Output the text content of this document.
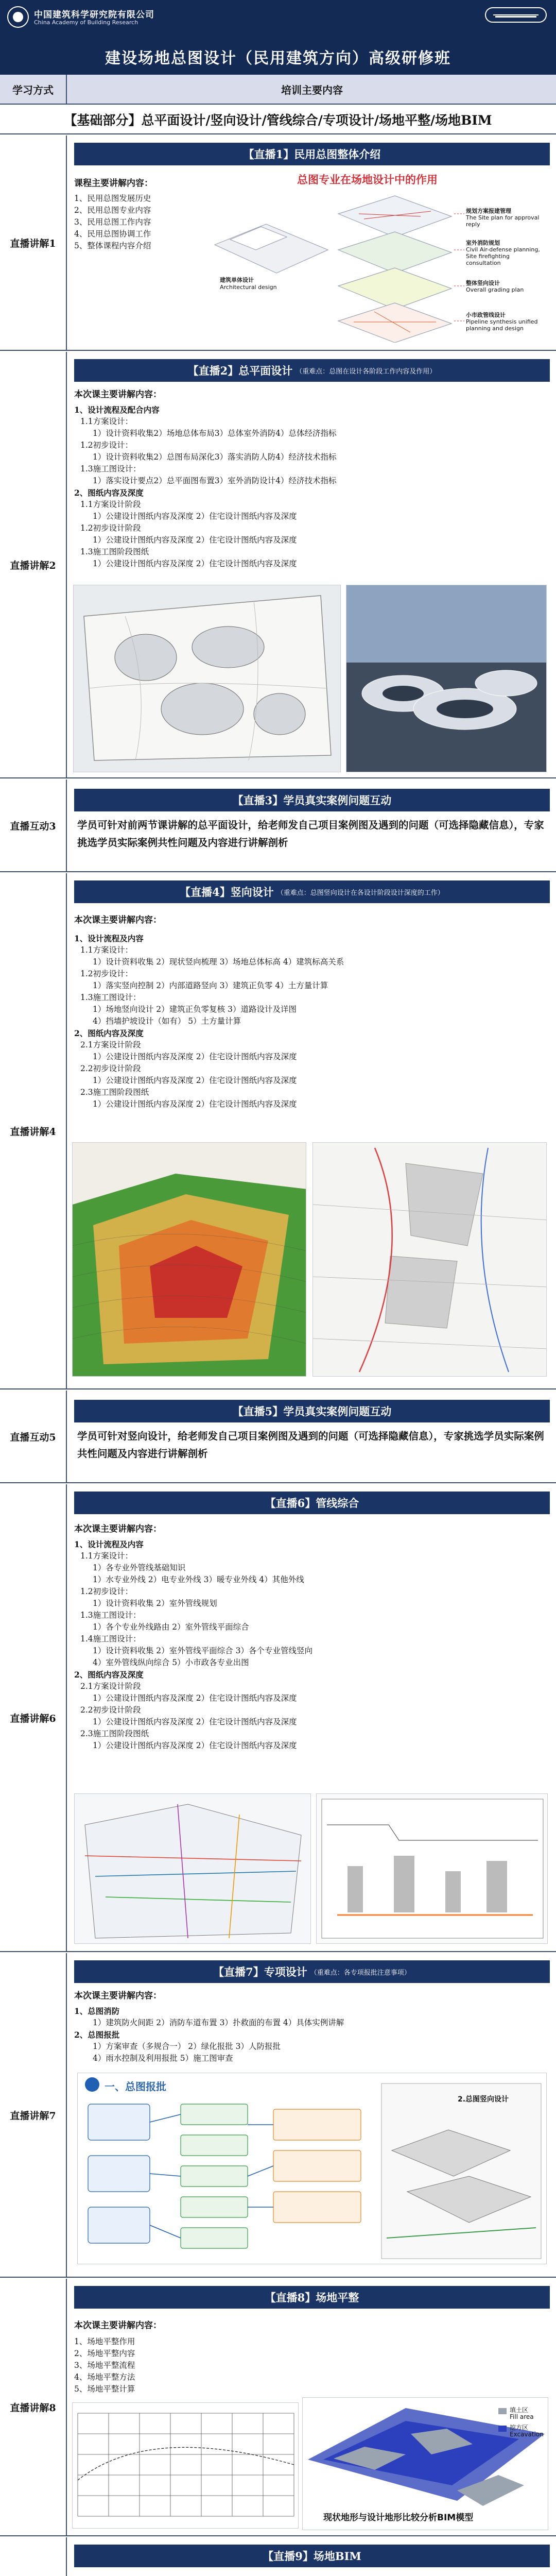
中国建筑科学研究院有限公司
China Academy of Building Research
建设场地总图设计（民用建筑方向）高级研修班
学习方式	培训主要内容
【基础部分】总平面设计/竖向设计/管线综合/专项设计/场地平整/场地BIM
直播讲解1
【直播1】民用总图整体介绍
课程主要讲解内容：
1、民用总图发展历史
2、民用总图专业内容
3、民用总图工作内容
4、民用总图协调工作
5、整体课程内容介绍
总图专业在场地设计中的作用
建筑单体设计
Architectural design
规划方案报建管理
The Site plan for approval reply
室外消防规划
Civil Air-defense planning, Site firefighting consultation
整体竖向设计
Overall grading plan
小市政管线设计
Pipeline synthesis unified planning and design
直播讲解2
【直播2】总平面设计 （重难点：总图在设计各阶段工作内容及作用）
本次课主要讲解内容：
1、设计流程及配合内容
1.1方案设计：
1）设计资料收集2）场地总体布局3）总体室外消防4）总体经济指标
1.2初步设计：
1）设计资料收集2）总图布局深化3）落实消防人防4）经济技术指标
1.3施工图设计：
1）落实设计要点2）总平面图布置3）室外消防设计4）经济技术指标
2、图纸内容及深度
1.1方案设计阶段
1）公建设计图纸内容及深度 2）住宅设计图纸内容及深度
1.2初步设计阶段
1）公建设计图纸内容及深度 2）住宅设计图纸内容及深度
1.3施工图阶段图纸
1）公建设计图纸内容及深度 2）住宅设计图纸内容及深度
直播互动3
【直播3】学员真实案例问题互动
学员可针对前两节课讲解的总平面设计，给老师发自己项目案例图及遇到的问题（可选择隐藏信息），专家挑选学员实际案例共性问题及内容进行讲解剖析
直播讲解4
【直播4】竖向设计 （重难点：总图竖向设计在各设计阶段设计深度的工作）
本次课主要讲解内容：
1、设计流程及内容
1.1方案设计：
1）设计资料收集 2）现状竖向梳理 3）场地总体标高 4）建筑标高关系
1.2初步设计：
1）落实竖向控制 2）内部道路竖向 3）建筑正负零 4）土方量计算
1.3施工图设计：
1）场地竖向设计 2）建筑正负零复核 3）道路设计及详图
4）挡墙护坡设计（如有） 5）土方量计算
2、图纸内容及深度
2.1方案设计阶段
1）公建设计图纸内容及深度 2）住宅设计图纸内容及深度
2.2初步设计阶段
1）公建设计图纸内容及深度 2）住宅设计图纸内容及深度
2.3施工图阶段图纸
1）公建设计图纸内容及深度 2）住宅设计图纸内容及深度
直播互动5
【直播5】学员真实案例问题互动
学员可针对竖向设计，给老师发自己项目案例图及遇到的问题（可选择隐藏信息），专家挑选学员实际案例共性问题及内容进行讲解剖析
直播讲解6
【直播6】管线综合
本次课主要讲解内容：
1、设计流程及内容
1.1方案设计：
1）各专业外管线基础知识
1）水专业外线 2）电专业外线 3）暖专业外线 4）其他外线
1.2初步设计：
1）设计资料收集 2）室外管线规划
1.3施工图设计：
1）各个专业外线路由 2）室外管线平面综合
1.4施工图设计：
1）设计资料收集 2）室外管线平面综合 3）各个专业管线竖向
4）室外管线纵向综合 5）小市政各专业出图
2、图纸内容及深度
2.1方案设计阶段
1）公建设计图纸内容及深度 2）住宅设计图纸内容及深度
2.2初步设计阶段
1）公建设计图纸内容及深度 2）住宅设计图纸内容及深度
2.3施工图阶段图纸
1）公建设计图纸内容及深度 2）住宅设计图纸内容及深度
直播讲解7
【直播7】专项设计 （重难点：各专项报批注意事项）
本次课主要讲解内容：
1、总图消防
1）建筑防火间距 2）消防车道布置 3）扑救面的布置 4）具体实例讲解
2、总图报批
1）方案审查（多规合一） 2）绿化报批 3）人防报批
4）雨水控制及利用报批 5）施工图审查
一、总图报批
2.总图竖向设计
直播讲解8
【直播8】场地平整
本次课主要讲解内容：
1、场地平整作用
2、场地平整内容
3、场地平整流程
4、场地平整方法
5、场地平整计算
填土区
Fill area
挖方区
Excavation
现状地形与设计地形比较分析BIM模型
【直播9】场地BIM
